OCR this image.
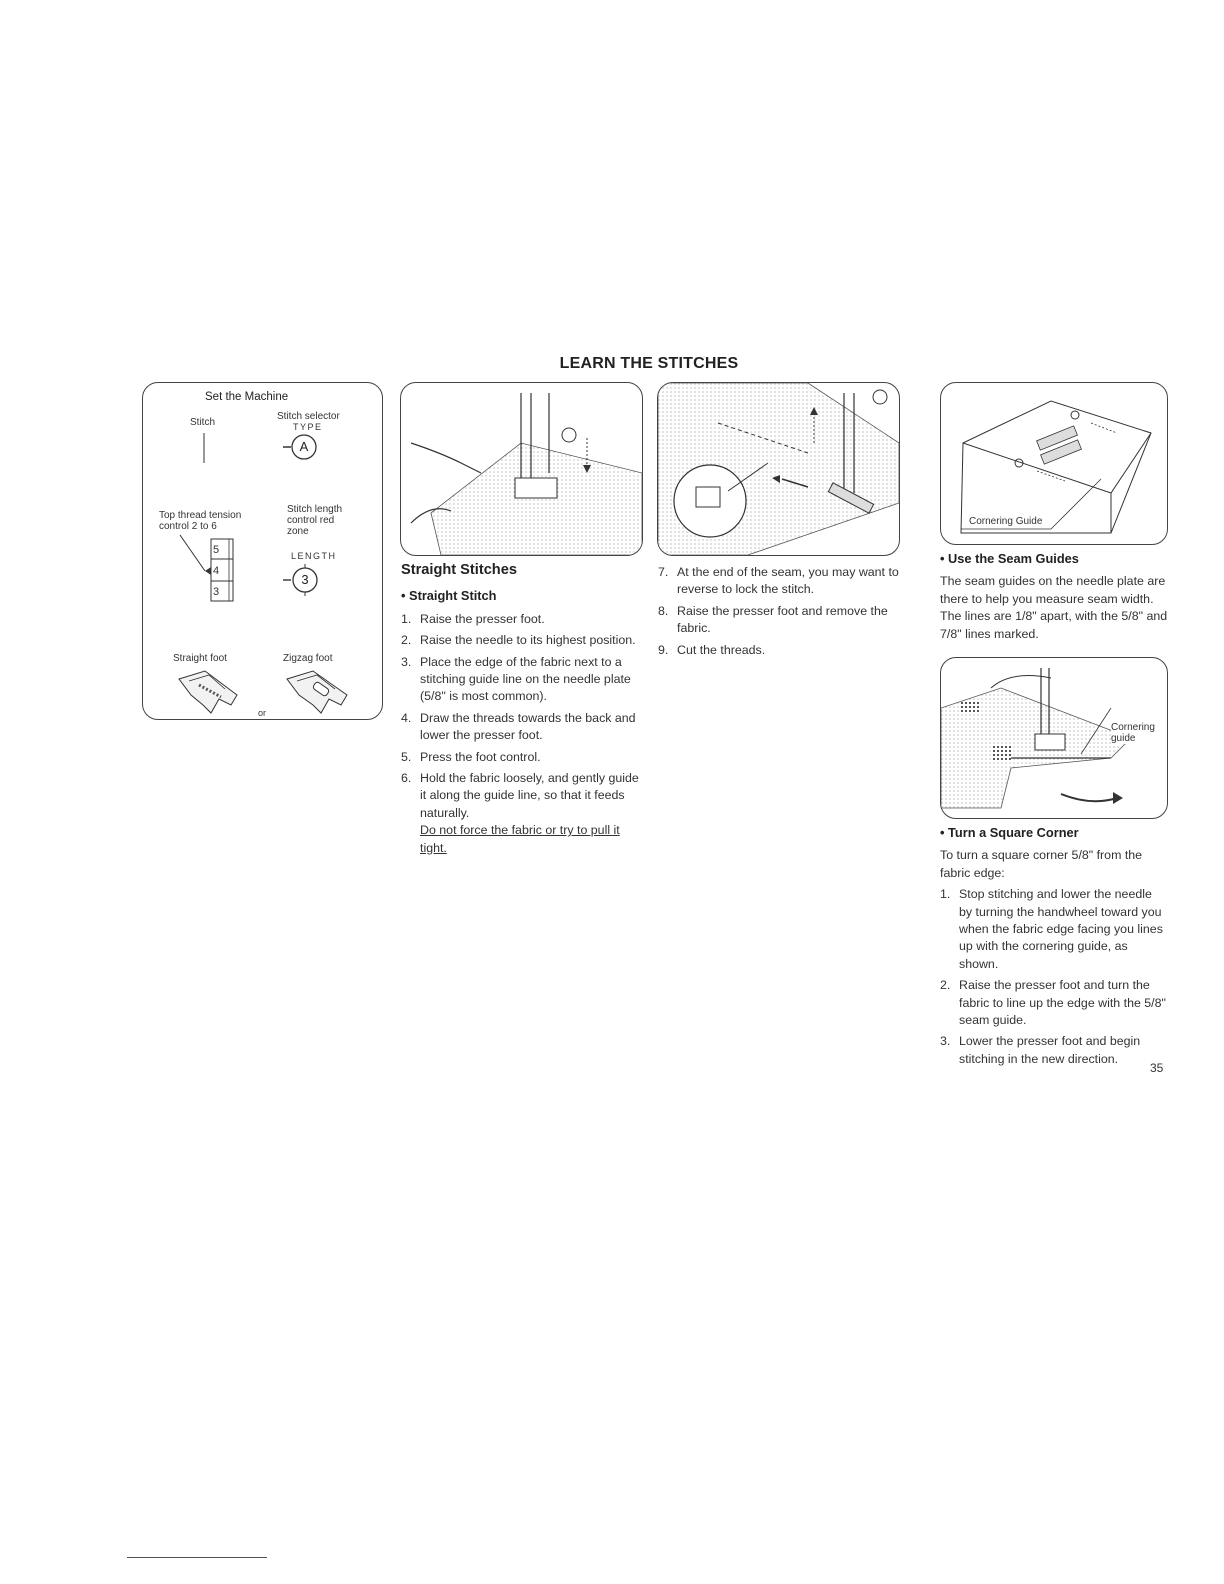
LEARN THE STITCHES
Set the Machine
Stitch
Stitch selector
TYPE
A
Top thread tension
control 2 to 6
Stitch length
control red
zone
5
4
3
LENGTH
3
Straight foot	Zigzag foot
or
Cornering Guide
Cornering
guide
Straight Stitches
• Straight Stitch
1. Raise the presser foot.
2. Raise the needle to its highest position.
3. Place the edge of the fabric next to a stitching guide line on the needle plate (5/8" is most common).
4. Draw the threads towards the back and lower the presser foot.
5. Press the foot control.
6. Hold the fabric loosely, and gently guide it along the guide line, so that it feeds naturally.
Do not force the fabric or try to pull it tight.
7. At the end of the seam, you may want to reverse to lock the stitch.
8. Raise the presser foot and remove the fabric.
9. Cut the threads.
• Use the Seam Guides

The seam guides on the needle plate are there to help you measure seam width. The lines are 1/8" apart, with the 5/8" and 7/8" lines marked.

• Turn a Square Corner

To turn a square corner 5/8" from the fabric edge:

1. Stop stitching and lower the needle by turning the handwheel toward you when the fabric edge facing you lines up with the cornering guide, as shown.
2. Raise the presser foot and turn the fabric to line up the edge with the 5/8" seam guide.
3. Lower the presser foot and begin stitching in the new direction.
35
